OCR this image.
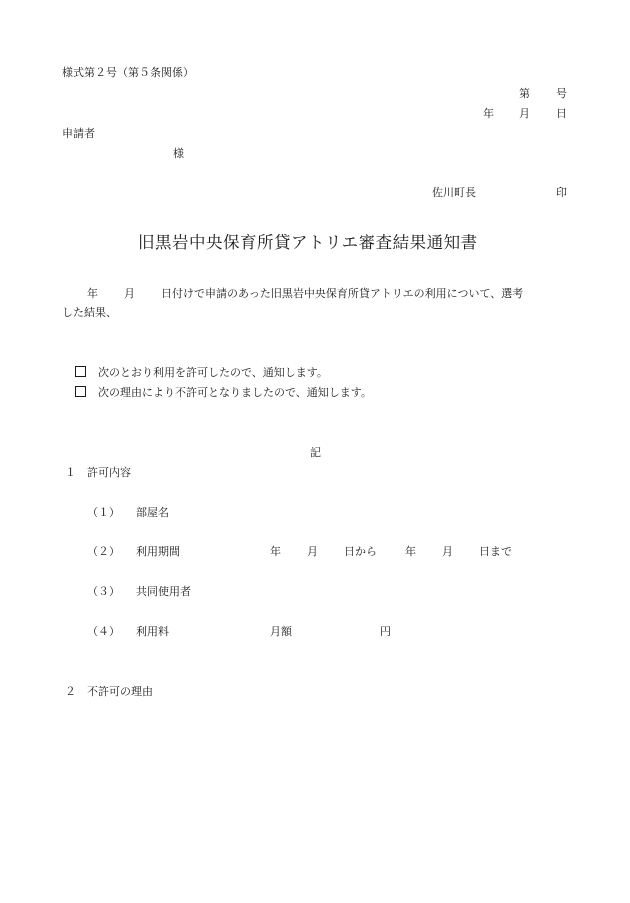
様式第２号（第５条関係）
第 号
年 月 日
申請者
様
佐川町長	印
旧黒岩中央保育所貸アトリエ審査結果通知書
年 月 日付けで申請のあった旧黒岩中央保育所貸アトリエの利用について、選考
した結果、
次のとおり利用を許可したので、通知します。
次の理由により不許可となりましたので、通知します。
記
１　許可内容
（１） 部屋名
（２） 利用期間	年 月 日から	年 月 日まで
（３） 共同使用者
（４） 利用料	月額	円
２　不許可の理由
